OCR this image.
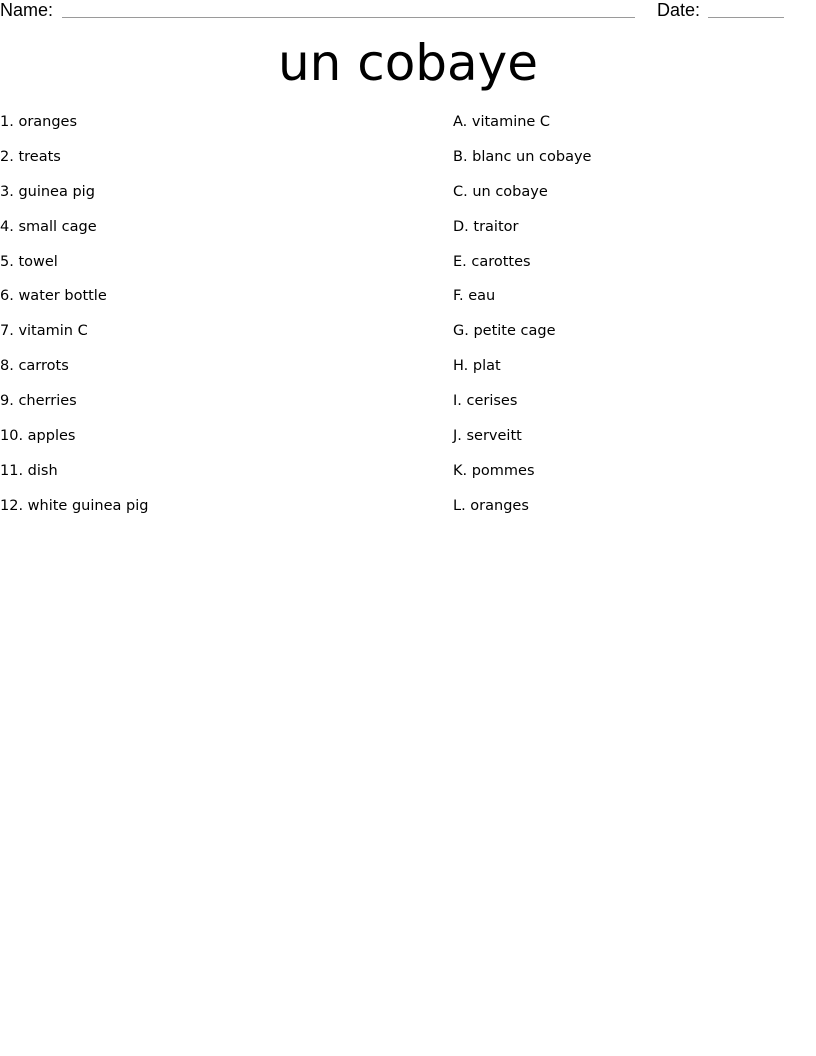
Name:	Date:
un cobaye
1. oranges
2. treats
3. guinea pig
4. small cage
5. towel
6. water bottle
7. vitamin C
8. carrots
9. cherries
10. apples
11. dish
12. white guinea pig
A. vitamine C
B. blanc un cobaye
C. un cobaye
D. traitor
E. carottes
F. eau
G. petite cage
H. plat
I. cerises
J. serveitt
K. pommes
L. oranges
